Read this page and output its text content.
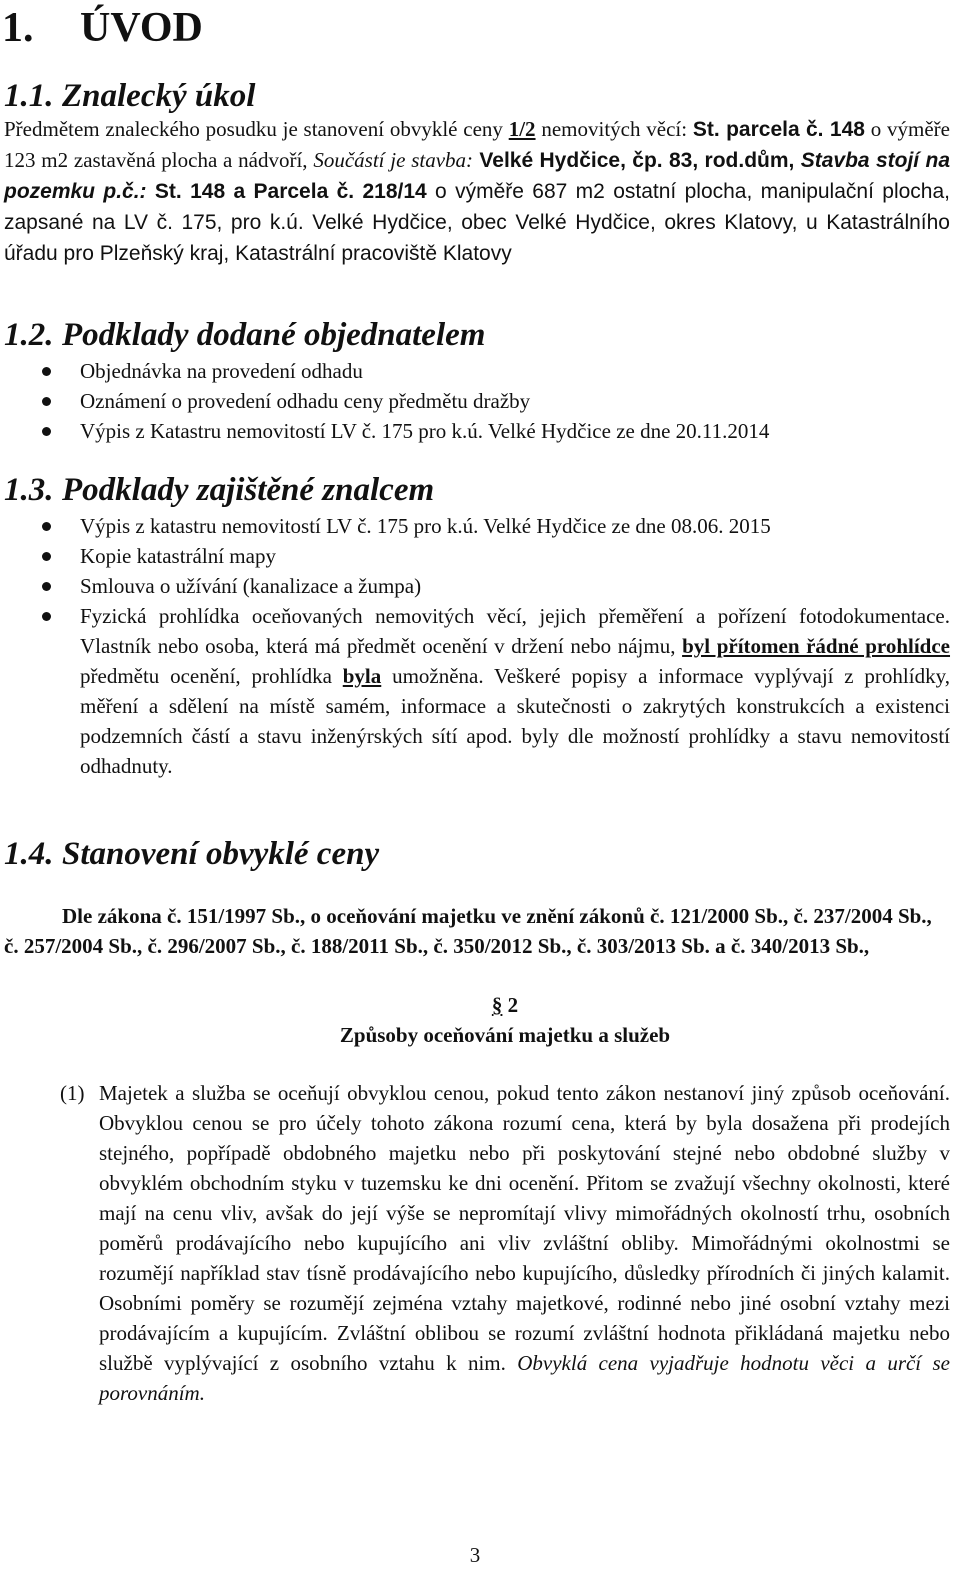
1. ÚVOD
1.1. Znalecký úkol

Předmětem znaleckého posudku je stanovení obvyklé ceny 1/2 nemovitých věcí: St. parcela č. 148 o výměře 123 m2 zastavěná plocha a nádvoří, Součástí je stavba: Velké Hydčice, čp. 83, rod.dům, Stavba stojí na pozemku p.č.: St. 148 a Parcela č. 218/14 o výměře 687 m2 ostatní plocha, manipulační plocha, zapsané na LV č. 175, pro k.ú. Velké Hydčice, obec Velké Hydčice, okres Klatovy, u Katastrálního úřadu pro Plzeňský kraj, Katastrální pracoviště Klatovy

1.2. Podklady dodané objednatelem
Objednávka na provedení odhadu
Oznámení o provedení odhadu ceny předmětu dražby
Výpis z Katastru nemovitostí LV č. 175 pro k.ú. Velké Hydčice ze dne 20.11.2014
1.3. Podklady zajištěné znalcem
Výpis z katastru nemovitostí LV č. 175 pro k.ú. Velké Hydčice ze dne 08.06. 2015
Kopie katastrální mapy
Smlouva o užívání (kanalizace a žumpa)
Fyzická prohlídka oceňovaných nemovitých věcí, jejich přeměření a pořízení fotodokumentace. Vlastník nebo osoba, která má předmět ocenění v držení nebo nájmu, byl přítomen řádné prohlídce předmětu ocenění, prohlídka byla umožněna. Veškeré popisy a informace vyplývají z prohlídky, měření a sdělení na místě samém, informace a skutečnosti o zakrytých konstrukcích a existenci podzemních částí a stavu inženýrských sítí apod. byly dle možností prohlídky a stavu nemovitostí odhadnuty.
1.4. Stanovení obvyklé ceny

Dle zákona č. 151/1997 Sb., o oceňování majetku ve znění zákonů č. 121/2000 Sb., č. 237/2004 Sb., č. 257/2004 Sb., č. 296/2007 Sb., č. 188/2011 Sb., č. 350/2012 Sb., č. 303/2013 Sb. a č. 340/2013 Sb.,

§ 2
Způsoby oceňování majetku a služeb
(1) Majetek a služba se oceňují obvyklou cenou, pokud tento zákon nestanoví jiný způsob oceňování. Obvyklou cenou se pro účely tohoto zákona rozumí cena, která by byla dosažena při prodejích stejného, popřípadě obdobného majetku nebo při poskytování stejné nebo obdobné služby v obvyklém obchodním styku v tuzemsku ke dni ocenění. Přitom se zvažují všechny okolnosti, které mají na cenu vliv, avšak do její výše se nepromítají vlivy mimořádných okolností trhu, osobních poměrů prodávajícího nebo kupujícího ani vliv zvláštní obliby. Mimořádnými okolnostmi se rozumějí například stav tísně prodávajícího nebo kupujícího, důsledky přírodních či jiných kalamit. Osobními poměry se rozumějí zejména vztahy majetkové, rodinné nebo jiné osobní vztahy mezi prodávajícím a kupujícím. Zvláštní oblibou se rozumí zvláštní hodnota přikládaná majetku nebo službě vyplývající z osobního vztahu k nim. Obvyklá cena vyjadřuje hodnotu věci a určí se porovnáním.
3
